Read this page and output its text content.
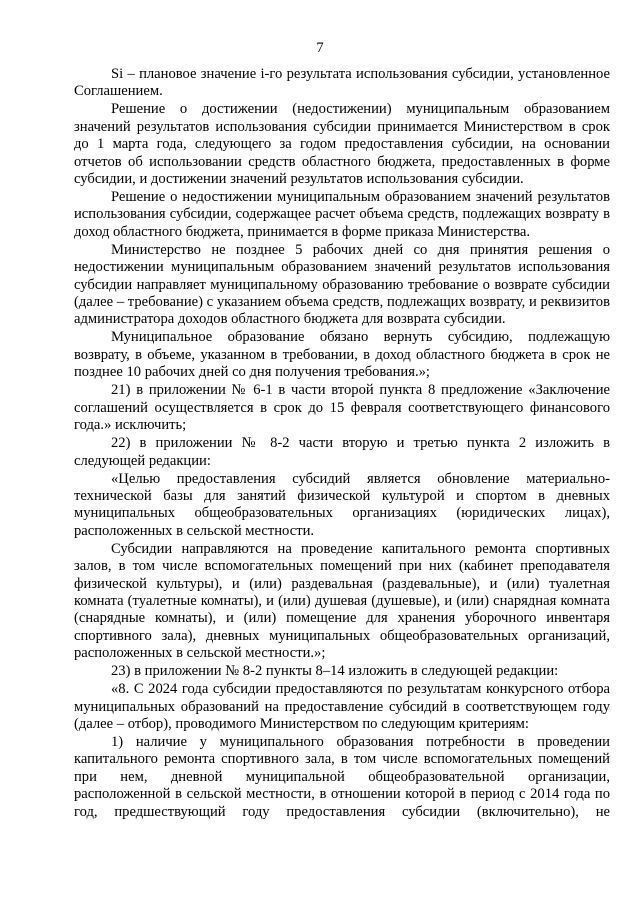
7

Si – плановое значение i-го результата использования субсидии, установленное Соглашением.

Решение о достижении (недостижении) муниципальным образованием значений результатов использования субсидии принимается Министерством в срок до 1 марта года, следующего за годом предоставления субсидии, на основании отчетов об использовании средств областного бюджета, предоставленных в форме субсидии, и достижении значений результатов использования субсидии.

Решение о недостижении муниципальным образованием значений результатов использования субсидии, содержащее расчет объема средств, подлежащих возврату в доход областного бюджета, принимается в форме приказа Министерства.

Министерство не позднее 5 рабочих дней со дня принятия решения о недостижении муниципальным образованием значений результатов использования субсидии направляет муниципальному образованию требование о возврате субсидии (далее – требование) с указанием объема средств, подлежащих возврату, и реквизитов администратора доходов областного бюджета для возврата субсидии.

Муниципальное образование обязано вернуть субсидию, подлежащую возврату, в объеме, указанном в требовании, в доход областного бюджета в срок не позднее 10 рабочих дней со дня получения требования.»;

21) в приложении № 6-1 в части второй пункта 8 предложение «Заключение соглашений осуществляется в срок до 15 февраля соответствующего финансового года.» исключить;

22) в приложении № 8-2 части вторую и третью пункта 2 изложить в следующей редакции:

«Целью предоставления субсидий является обновление материально-технической базы для занятий физической культурой и спортом в дневных муниципальных общеобразовательных организациях (юридических лицах), расположенных в сельской местности.

Субсидии направляются на проведение капитального ремонта спортивных залов, в том числе вспомогательных помещений при них (кабинет преподавателя физической культуры), и (или) раздевальная (раздевальные), и (или) туалетная комната (туалетные комнаты), и (или) душевая (душевые), и (или) снарядная комната (снарядные комнаты), и (или) помещение для хранения уборочного инвентаря спортивного зала), дневных муниципальных общеобразовательных организаций, расположенных в сельской местности.»;

23) в приложении № 8-2 пункты 8–14 изложить в следующей редакции:

«8. С 2024 года субсидии предоставляются по результатам конкурсного отбора муниципальных образований на предоставление субсидий в соответствующем году (далее – отбор), проводимого Министерством по следующим критериям:

1) наличие у муниципального образования потребности в проведении капитального ремонта спортивного зала, в том числе вспомогательных помещений при нем, дневной муниципальной общеобразовательной организации, расположенной в сельской местности, в отношении которой в период с 2014 года по год, предшествующий году предоставления субсидии (включительно), не
